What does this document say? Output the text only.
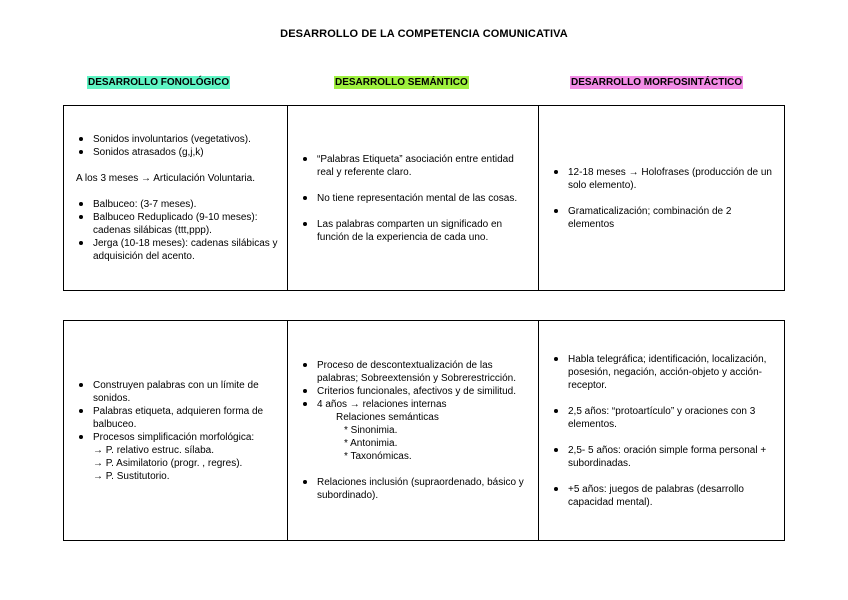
DESARROLLO DE LA COMPETENCIA COMUNICATIVA
DESARROLLO FONOLÓGICO	DESARROLLO SEMÁNTICO	DESARROLLO MORFOSINTÁCTICO
Sonidos involuntarios (vegetativos).
Sonidos atrasados (g,j,k)
A los 3 meses → Articulación Voluntaria.
Balbuceo: (3-7 meses).
Balbuceo Reduplicado (9-10 meses): cadenas silábicas (ttt,ppp).
Jerga (10-18 meses): cadenas silábicas y adquisición del acento.
“Palabras Etiqueta” asociación entre entidad real y referente claro.
No tiene representación mental de las cosas.
Las palabras comparten un significado en función de la experiencia de cada uno.
12-18 meses → Holofrases (producción de un solo elemento).
Gramaticalización; combinación de 2 elementos
Construyen palabras con un límite de sonidos.
Palabras etiqueta, adquieren forma de balbuceo.
Procesos simplificación morfológica:
→ P. relativo estruc. sílaba.
→ P. Asimilatorio (progr. , regres).
→ P. Sustitutorio.
Proceso de descontextualización de las palabras; Sobreextensión y Sobrerestricción.
Criterios funcionales, afectivos y de similitud.
4 años → relaciones internas
Relaciones semánticas
* Sinonimia.
* Antonimia.
* Taxonómicas.
Relaciones inclusión (supraordenado, básico y subordinado).
Habla telegráfica; identificación, localización, posesión, negación, acción-objeto y acción-receptor.
2,5 años: “protoartículo” y oraciones con 3 elementos.
2,5- 5 años: oración simple forma personal + subordinadas.
+5 años: juegos de palabras (desarrollo capacidad mental).
